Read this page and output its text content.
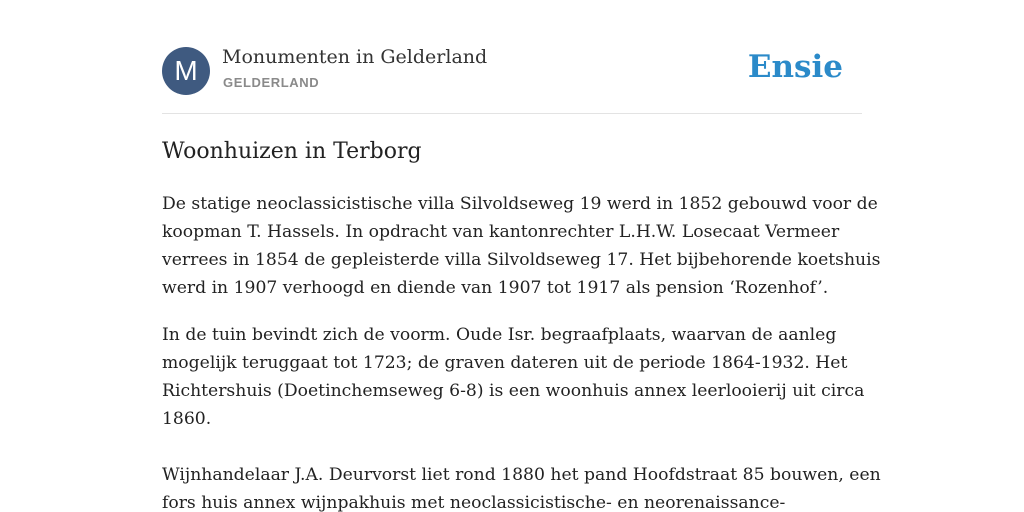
M	Monumenten in Gelderland
GELDERLAND	Ensie
Woonhuizen in Terborg

De statige neoclassicistische villa Silvoldseweg 19 werd in 1852 gebouwd voor de
koopman T. Hassels. In opdracht van kantonrechter L.H.W. Losecaat Vermeer
verrees in 1854 de gepleisterde villa Silvoldseweg 17. Het bijbehorende koetshuis
werd in 1907 verhoogd en diende van 1907 tot 1917 als pension ‘Rozenhof’.

In de tuin bevindt zich de voorm. Oude Isr. begraafplaats, waarvan de aanleg
mogelijk teruggaat tot 1723; de graven dateren uit de periode 1864-1932. Het
Richtershuis (Doetinchemseweg 6-8) is een woonhuis annex leerlooierij uit circa
1860.

Wijnhandelaar J.A. Deurvorst liet rond 1880 het pand Hoofdstraat 85 bouwen, een
fors huis annex wijnpakhuis met neoclassicistische- en neorenaissance-
